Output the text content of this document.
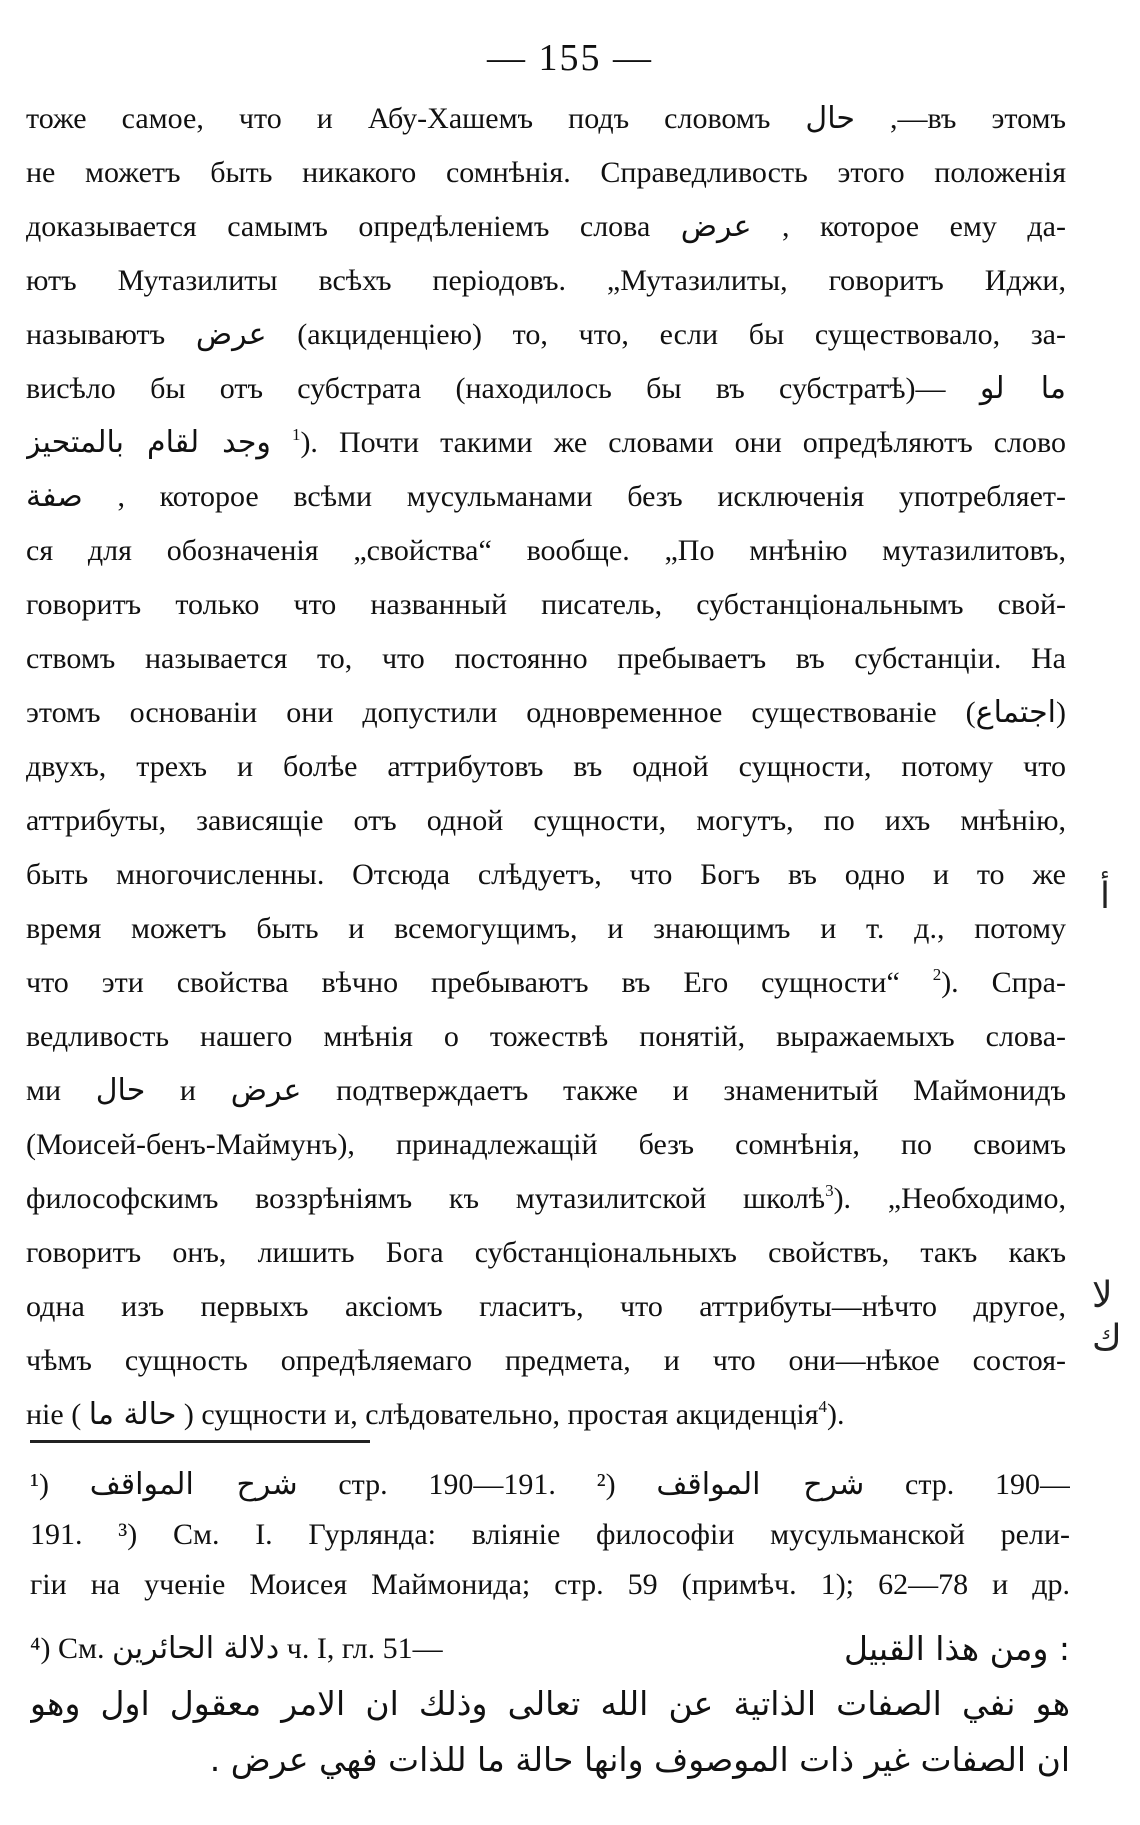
— 155 —
тоже самое, что и Абу-Хашемъ подъ словомъ حال ,—въ этомъ
не можетъ быть никакого сомнѣнія. Справедливость этого положенія
доказывается самымъ опредѣленіемъ слова عرض , которое ему да-
ютъ Мутазилиты всѣхъ періодовъ. „Мутазилиты, говоритъ Иджи,
называютъ عرض (акциденціею) то, что, если бы существовало, за-
висѣло бы отъ субстрата (находилось бы въ субстратѣ)— ما لو
وجد لقام بالمتحيز $^1$). Почти такими же словами они опредѣляютъ слово
صفة , которое всѣми мусульманами безъ исключенія употребляет-
ся для обозначенія „свойства“ вообще. „По мнѣнію мутазилитовъ,
говоритъ только что названный писатель, субстанціональнымъ свой-
ствомъ называется то, что постоянно пребываетъ въ субстанціи. На
этомъ основаніи они допустили одновременное существованіе (اجتماع)
двухъ, трехъ и болѣе аттрибутовъ въ одной сущности, потому что
аттрибуты, зависящіе отъ одной сущности, могутъ, по ихъ мнѣнію,
быть многочисленны. Отсюда слѣдуетъ, что Богъ въ одно и то же
время можетъ быть и всемогущимъ, и знающимъ и т. д., потому
что эти свойства вѣчно пребываютъ въ Его сущности“ $^2$). Спра-
ведливость нашего мнѣнія о тожествѣ понятій, выражаемыхъ слова-
ми حال и عرض подтверждаетъ также и знаменитый Маймонидъ
(Моисей-бенъ-Маймунъ), принадлежащій безъ сомнѣнія, по своимъ
философскимъ воззрѣніямъ къ мутазилитской школѣ$^3$). „Необходимо,
говоритъ онъ, лишить Бога субстанціональныхъ свойствъ, такъ какъ
одна изъ первыхъ аксіомъ гласитъ, что аттрибуты—нѣчто другое,
чѣмъ сущность опредѣляемаго предмета, и что они—нѣкое состоя-
ніе ( حالة ما ) сущности и, слѣдовательно, простая акциденція$^4$).
ﺃ
ﻻ
ﻙ
¹) شرح المواقف стр. 190—191. ²) شرح المواقف стр. 190—
191. ³) См. I. Гурлянда: вліяніе философіи мусульманской рели-
гіи на ученіе Моисея Маймонида; стр. 59 (примѣч. 1); 62—78 и др.
⁴) См. دلالة الحائرين ч. I, гл. 51—	: ومن هذا القبيل
هو نفي الصفات الذاتية عن الله تعالى وذلك ان الامر معقول اول وهو
ان الصفات غير ذات الموصوف وانها حالة ما للذات فهي عرض .
